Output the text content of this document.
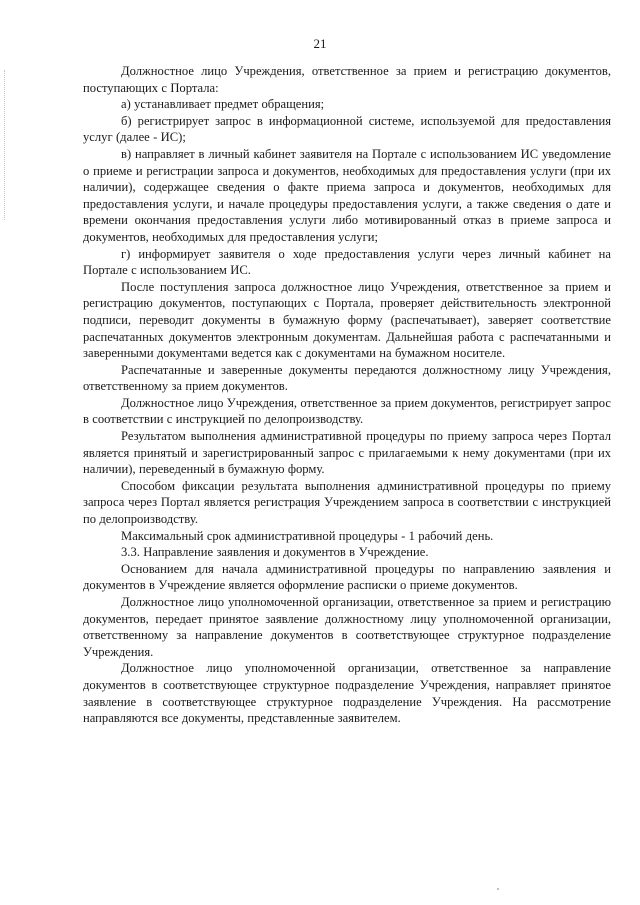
21

Должностное лицо Учреждения, ответственное за прием и регистрацию документов, поступающих с Портала:

а) устанавливает предмет обращения;

б) регистрирует запрос в информационной системе, используемой для предоставления услуг (далее - ИС);

в) направляет в личный кабинет заявителя на Портале с использованием ИС уведомление о приеме и регистрации запроса и документов, необходимых для предоставления услуги (при их наличии), содержащее сведения о факте приема запроса и документов, необходимых для предоставления услуги, и начале процедуры предоставления услуги, а также сведения о дате и времени окончания предоставления услуги либо мотивированный отказ в приеме запроса и документов, необходимых для предоставления услуги;

г) информирует заявителя о ходе предоставления услуги через личный кабинет на Портале с использованием ИС.

После поступления запроса должностное лицо Учреждения, ответственное за прием и регистрацию документов, поступающих с Портала, проверяет действительность электронной подписи, переводит документы в бумажную форму (распечатывает), заверяет соответствие распечатанных документов электронным документам. Дальнейшая работа с распечатанными и заверенными документами ведется как с документами на бумажном носителе.

Распечатанные и заверенные документы передаются должностному лицу Учреждения, ответственному за прием документов.

Должностное лицо Учреждения, ответственное за прием документов, регистрирует запрос в соответствии с инструкцией по делопроизводству.

Результатом выполнения административной процедуры по приему запроса через Портал является принятый и зарегистрированный запрос с прилагаемыми к нему документами (при их наличии), переведенный в бумажную форму.

Способом фиксации результата выполнения административной процедуры по приему запроса через Портал является регистрация Учреждением запроса в соответствии с инструкцией по делопроизводству.

Максимальный срок административной процедуры - 1 рабочий день.

3.3. Направление заявления и документов в Учреждение.

Основанием для начала административной процедуры по направлению заявления и документов в Учреждение является оформление расписки о приеме документов.

Должностное лицо уполномоченной организации, ответственное за прием и регистрацию документов, передает принятое заявление должностному лицу уполномоченной организации, ответственному за направление документов в соответствующее структурное подразделение Учреждения.

Должностное лицо уполномоченной организации, ответственное за направление документов в соответствующее структурное подразделение Учреждения, направляет принятое заявление в соответствующее структурное подразделение Учреждения. На рассмотрение направляются все документы, представленные заявителем.
